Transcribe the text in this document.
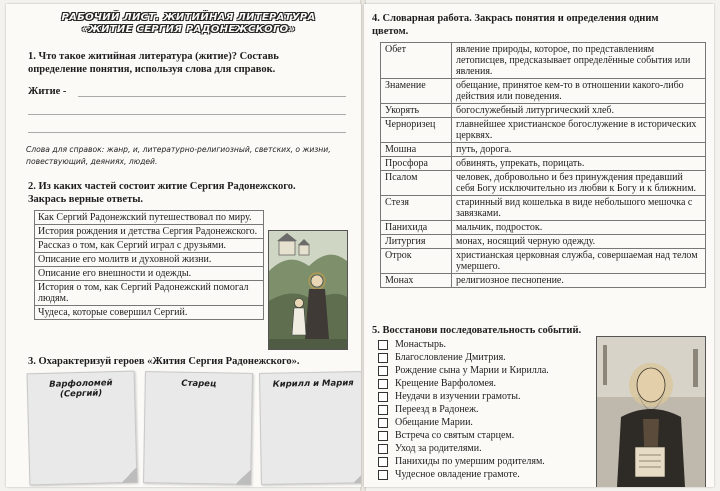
РАБОЧИЙ ЛИСТ. ЖИТИЙНАЯ ЛИТЕРАТУРА
«ЖИТИЕ СЕРГИЯ РАДОНЕЖСКОГО»
1. Что такое житийная литература (житие)? Составь
определение понятия, используя слова для справок.
Житие -
Слова для справок: жанр, и, литературно-религиозный, светских, о жизни,
повествующий, деяниях, людей.
2. Из каких частей состоит житие Сергия Радонежского.
Закрась верные ответы.
Как Сергий Радонежский путешествовал по миру.
История рождения и детства Сергия Радонежского.
Рассказ о том, как Сергий играл с друзьями.
Описание его молитв и духовной жизни.
Описание его внешности и одежды.
История о том, как Сергий Радонежский помогал людям.
Чудеса, которые совершил Сергий.
3. Охарактеризуй героев «Жития Сергия Радонежского».
Варфоломей (Сергий)
Старец	Кирилл и Мария
4. Словарная работа. Закрась понятия и определения одним
цветом.
Обет	явление природы, которое, по представлениям летописцев, предсказывает определённые события или явления.
Знамение	обещание, принятое кем-то в отношении какого-либо действия или поведения.
Укорять	богослужебный литургический хлеб.
Черноризец	главнейшее христианское богослужение в исторических церквях.
Мошна	путь, дорога.
Просфора	обвинять, упрекать, порицать.
Псалом	человек, добровольно и без принуждения предавший себя Богу исключительно из любви к Богу и к ближним.
Стезя	старинный вид кошелька в виде небольшого мешочка с завязками.
Панихида	мальчик, подросток.
Литургия	монах, носящий черную одежду.
Отрок	христианская церковная служба, совершаемая над телом умершего.
Монах	религиозное песнопение.
5. Восстанови последовательность событий.
Монастырь.
Благословление Дмитрия.
Рождение сына у Марии и Кирилла.
Крещение Варфоломея.
Неудачи в изучении грамоты.
Переезд в Радонеж.
Обещание Марии.
Встреча со святым старцем.
Уход за родителями.
Панихиды по умершим родителям.
Чудесное овладение грамоте.
